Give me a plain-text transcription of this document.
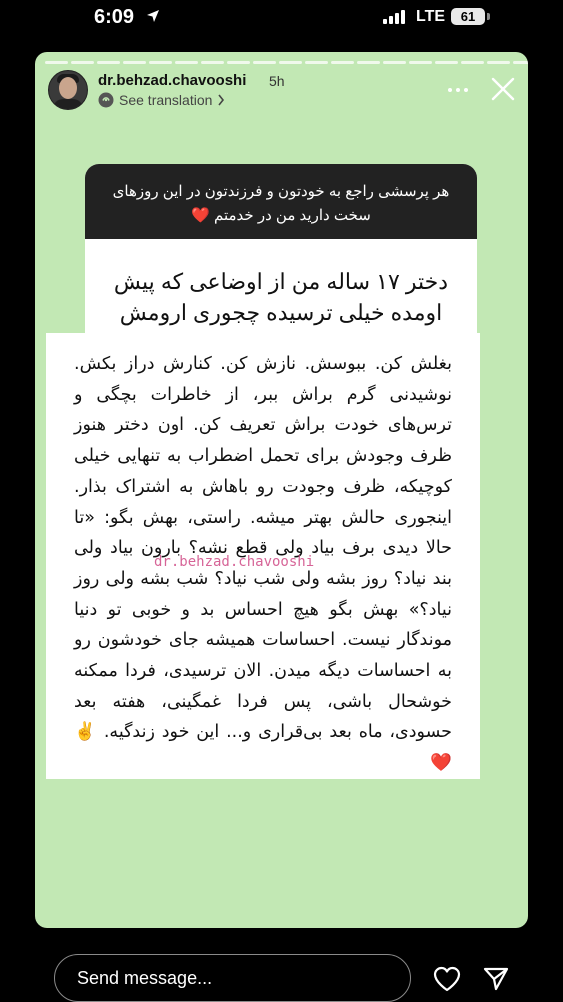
6:09	LTE	61
dr.behzad.chavooshi 5h
See translation
هر پرسشی راجع به خودتون و فرزندتون در این روزهای سخت دارید من در خدمتم ❤️
دختر ۱۷ ساله من از اوضاعی که پیش اومده خیلی ترسیده چجوری ارومش
بغلش کن. ببوسش. نازش کن. کنارش دراز بکش. نوشیدنی گرم براش ببر، از خاطرات بچگی و ترس‌های خودت براش تعریف کن. اون دختر هنوز ظرف وجودش برای تحمل اضطراب به تنهایی خیلی کوچیکه، ظرف وجودت رو باهاش به اشتراک بذار. اینجوری حالش بهتر میشه. راستی، بهش بگو: «تا حالا دیدی برف بیاد ولی قطع نشه؟ بارون بیاد ولی بند نیاد؟ روز بشه ولی شب نیاد؟ شب بشه ولی روز نیاد؟» بهش بگو هیچ احساس بد و خوبی تو دنیا موندگار نیست. احساسات همیشه جای خودشون رو به احساسات دیگه میدن. الان ترسیدی، فردا ممکنه خوشحال باشی، پس فردا غمگینی، هفته بعد حسودی، ماه بعد بی‌قراری و... این خود زندگیه. ✌️❤️
dr.behzad.chavooshi
Send message...
